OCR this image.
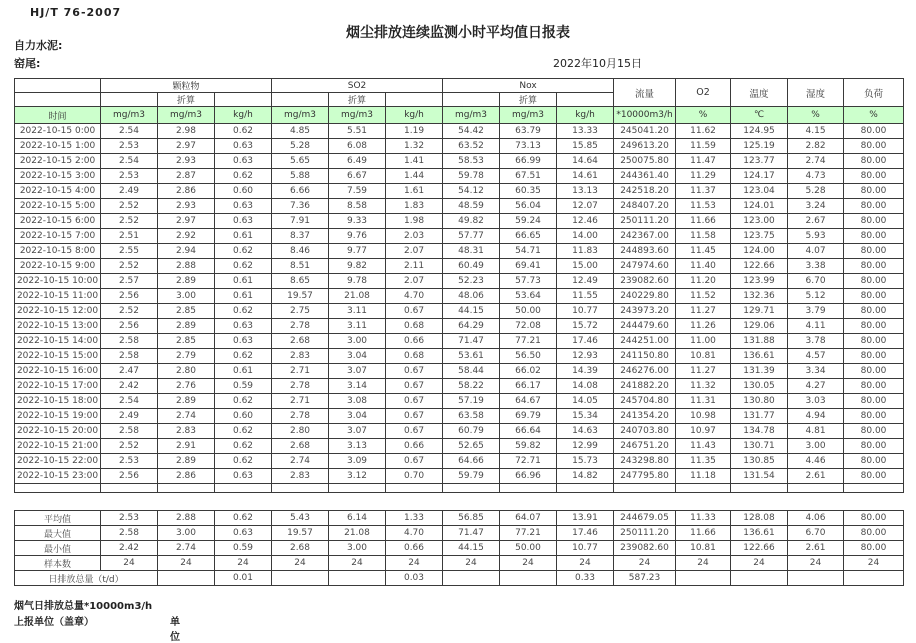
HJ/T 76-2007
烟尘排放连续监测小时平均值日报表
自力水泥:
窑尾:	2022年10月15日
	颗粒物			SO2			Nox			流量	O2	温度	湿度	负荷
		折算			折算			折算						
时间	mg/m3	mg/m3	kg/h	mg/m3	mg/m3	kg/h	mg/m3	mg/m3	kg/h	*10000m3/h	%	℃	%	%
2022-10-15 0:00	2.54	2.98	0.62	4.85	5.51	1.19	54.42	63.79	13.33	245041.20	11.62	124.95	4.15	80.00
2022-10-15 1:00	2.53	2.97	0.63	5.28	6.08	1.32	63.52	73.13	15.85	249613.20	11.59	125.19	2.82	80.00
2022-10-15 2:00	2.54	2.93	0.63	5.65	6.49	1.41	58.53	66.99	14.64	250075.80	11.47	123.77	2.74	80.00
2022-10-15 3:00	2.53	2.87	0.62	5.88	6.67	1.44	59.78	67.51	14.61	244361.40	11.29	124.17	4.73	80.00
2022-10-15 4:00	2.49	2.86	0.60	6.66	7.59	1.61	54.12	60.35	13.13	242518.20	11.37	123.04	5.28	80.00
2022-10-15 5:00	2.52	2.93	0.63	7.36	8.58	1.83	48.59	56.04	12.07	248407.20	11.53	124.01	3.24	80.00
2022-10-15 6:00	2.52	2.97	0.63	7.91	9.33	1.98	49.82	59.24	12.46	250111.20	11.66	123.00	2.67	80.00
2022-10-15 7:00	2.51	2.92	0.61	8.37	9.76	2.03	57.77	66.65	14.00	242367.00	11.58	123.75	5.93	80.00
2022-10-15 8:00	2.55	2.94	0.62	8.46	9.77	2.07	48.31	54.71	11.83	244893.60	11.45	124.00	4.07	80.00
2022-10-15 9:00	2.52	2.88	0.62	8.51	9.82	2.11	60.49	69.41	15.00	247974.60	11.40	122.66	3.38	80.00
2022-10-15 10:00	2.57	2.89	0.61	8.65	9.78	2.07	52.23	57.73	12.49	239082.60	11.20	123.99	6.70	80.00
2022-10-15 11:00	2.56	3.00	0.61	19.57	21.08	4.70	48.06	53.64	11.55	240229.80	11.52	132.36	5.12	80.00
2022-10-15 12:00	2.52	2.85	0.62	2.75	3.11	0.67	44.15	50.00	10.77	243973.20	11.27	129.71	3.79	80.00
2022-10-15 13:00	2.56	2.89	0.63	2.78	3.11	0.68	64.29	72.08	15.72	244479.60	11.26	129.06	4.11	80.00
2022-10-15 14:00	2.58	2.85	0.63	2.68	3.00	0.66	71.47	77.21	17.46	244251.00	11.00	131.88	3.78	80.00
2022-10-15 15:00	2.58	2.79	0.62	2.83	3.04	0.68	53.61	56.50	12.93	241150.80	10.81	136.61	4.57	80.00
2022-10-15 16:00	2.47	2.80	0.61	2.71	3.07	0.67	58.44	66.02	14.39	246276.00	11.27	131.39	3.34	80.00
2022-10-15 17:00	2.42	2.76	0.59	2.78	3.14	0.67	58.22	66.17	14.08	241882.20	11.32	130.05	4.27	80.00
2022-10-15 18:00	2.54	2.89	0.62	2.71	3.08	0.67	57.19	64.67	14.05	245704.80	11.31	130.80	3.03	80.00
2022-10-15 19:00	2.49	2.74	0.60	2.78	3.04	0.67	63.58	69.79	15.34	241354.20	10.98	131.77	4.94	80.00
2022-10-15 20:00	2.58	2.83	0.62	2.80	3.07	0.67	60.79	66.64	14.63	240703.80	10.97	134.78	4.81	80.00
2022-10-15 21:00	2.52	2.91	0.62	2.68	3.13	0.66	52.65	59.82	12.99	246751.20	11.43	130.71	3.00	80.00
2022-10-15 22:00	2.53	2.89	0.62	2.74	3.09	0.67	64.66	72.71	15.73	243298.80	11.35	130.85	4.46	80.00
2022-10-15 23:00	2.56	2.86	0.63	2.83	3.12	0.70	59.79	66.96	14.82	247795.80	11.18	131.54	2.61	80.00

平均值	2.53	2.88	0.62	5.43	6.14	1.33	56.85	64.07	13.91	244679.05	11.33	128.08	4.06	80.00
最大值	2.58	3.00	0.63	19.57	21.08	4.70	71.47	77.21	17.46	250111.20	11.66	136.61	6.70	80.00
最小值	2.42	2.74	0.59	2.68	3.00	0.66	44.15	50.00	10.77	239082.60	10.81	122.66	2.61	80.00
样本数	24	24	24	24	24	24	24	24	24	24	24	24	24	24
日排放总量（t/d）			0.01			0.03			0.33	587.23				
烟气日排放总量*10000m3/h
上报单位（盖章）	单位
